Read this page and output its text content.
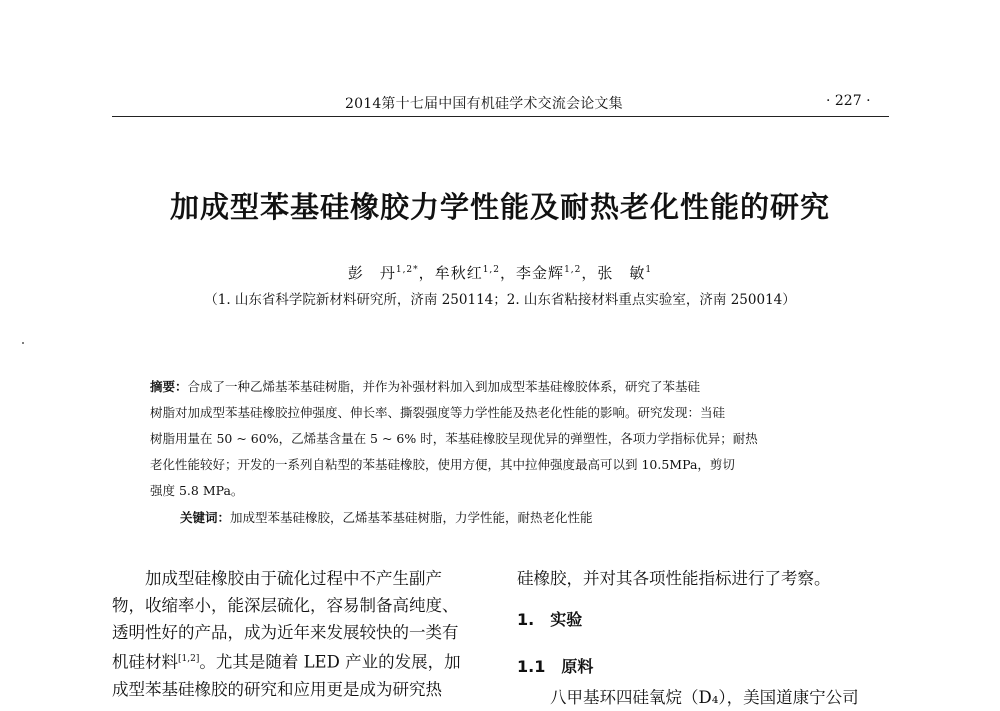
2014第十七届中国有机硅学术交流会论文集	· 227 ·
加成型苯基硅橡胶力学性能及耐热老化性能的研究
彭　丹$^{1,2*}$，牟秋红$^{1,2}$，李金辉$^{1,2}$，张　敏$^1$
（1. 山东省科学院新材料研究所，济南 250114；2. 山东省粘接材料重点实验室，济南 250014）
摘要：合成了一种乙烯基苯基硅树脂，并作为补强材料加入到加成型苯基硅橡胶体系，研究了苯基硅
树脂对加成型苯基硅橡胶拉伸强度、伸长率、撕裂强度等力学性能及热老化性能的影响。研究发现：当硅
树脂用量在 50 ~ 60%，乙烯基含量在 5 ~ 6% 时，苯基硅橡胶呈现优异的弹塑性，各项力学指标优异；耐热
老化性能较好；开发的一系列自粘型的苯基硅橡胶，使用方便，其中拉伸强度最高可以到 10.5MPa，剪切
强度 5.8 MPa。
关键词：加成型苯基硅橡胶，乙烯基苯基硅树脂，力学性能，耐热老化性能
　　加成型硅橡胶由于硫化过程中不产生副产
物，收缩率小，能深层硫化，容易制备高纯度、
透明性好的产品，成为近年来发展较快的一类有
机硅材料[1,2]。尤其是随着 LED 产业的发展，加
成型苯基硅橡胶的研究和应用更是成为研究热
硅橡胶，并对其各项性能指标进行了考察。
1.　实验
1.1　原料
　　八甲基环四硅氧烷（D₄），美国道康宁公司
